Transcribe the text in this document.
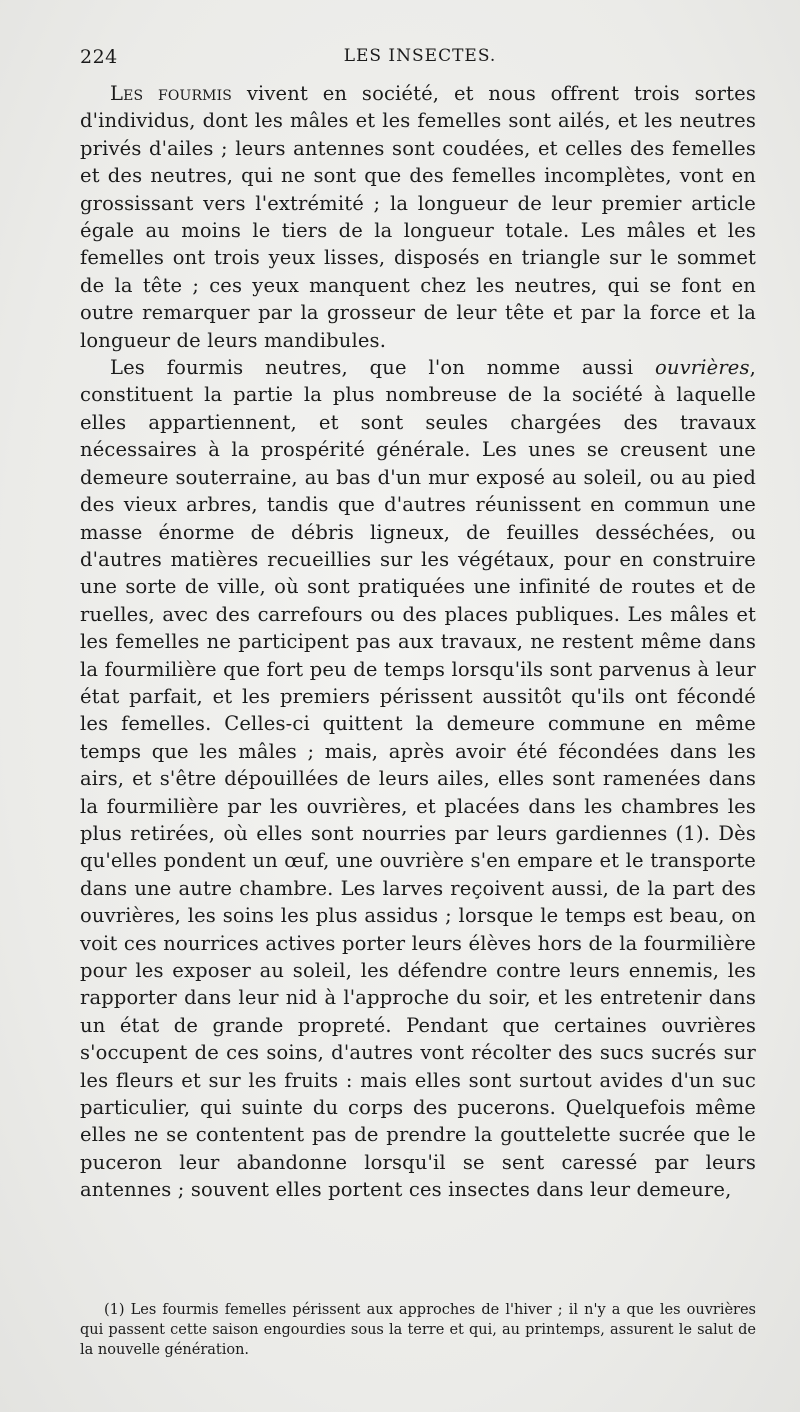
224	LES INSECTES.

Les fourmis vivent en société, et nous offrent trois sortes d'individus, dont les mâles et les femelles sont ailés, et les neutres privés d'ailes ; leurs antennes sont coudées, et celles des femelles et des neutres, qui ne sont que des femelles incomplètes, vont en grossissant vers l'extrémité ; la longueur de leur premier article égale au moins le tiers de la longueur totale. Les mâles et les femelles ont trois yeux lisses, disposés en triangle sur le sommet de la tête ; ces yeux manquent chez les neutres, qui se font en outre remarquer par la grosseur de leur tête et par la force et la longueur de leurs mandibules.

Les fourmis neutres, que l'on nomme aussi ouvrières, constituent la partie la plus nombreuse de la société à laquelle elles appartiennent, et sont seules chargées des travaux nécessaires à la prospérité générale. Les unes se creusent une demeure souterraine, au bas d'un mur exposé au soleil, ou au pied des vieux arbres, tandis que d'autres réunissent en commun une masse énorme de débris ligneux, de feuilles desséchées, ou d'autres matières recueillies sur les végétaux, pour en construire une sorte de ville, où sont pratiquées une infinité de routes et de ruelles, avec des carrefours ou des places publiques. Les mâles et les femelles ne participent pas aux travaux, ne restent même dans la fourmilière que fort peu de temps lorsqu'ils sont parvenus à leur état parfait, et les premiers périssent aussitôt qu'ils ont fécondé les femelles. Celles-ci quittent la demeure commune en même temps que les mâles ; mais, après avoir été fécondées dans les airs, et s'être dépouillées de leurs ailes, elles sont ramenées dans la fourmilière par les ouvrières, et placées dans les chambres les plus retirées, où elles sont nourries par leurs gardiennes (1). Dès qu'elles pondent un œuf, une ouvrière s'en empare et le transporte dans une autre chambre. Les larves reçoivent aussi, de la part des ouvrières, les soins les plus assidus ; lorsque le temps est beau, on voit ces nourrices actives porter leurs élèves hors de la fourmilière pour les exposer au soleil, les défendre contre leurs ennemis, les rapporter dans leur nid à l'approche du soir, et les entretenir dans un état de grande propreté. Pendant que certaines ouvrières s'occupent de ces soins, d'autres vont récolter des sucs sucrés sur les fleurs et sur les fruits : mais elles sont surtout avides d'un suc particulier, qui suinte du corps des pucerons. Quelquefois même elles ne se contentent pas de prendre la gouttelette sucrée que le puceron leur abandonne lorsqu'il se sent caressé par leurs antennes ; souvent elles portent ces insectes dans leur demeure,

(1) Les fourmis femelles périssent aux approches de l'hiver ; il n'y a que les ouvrières qui passent cette saison engourdies sous la terre et qui, au printemps, assurent le salut de la nouvelle génération.
